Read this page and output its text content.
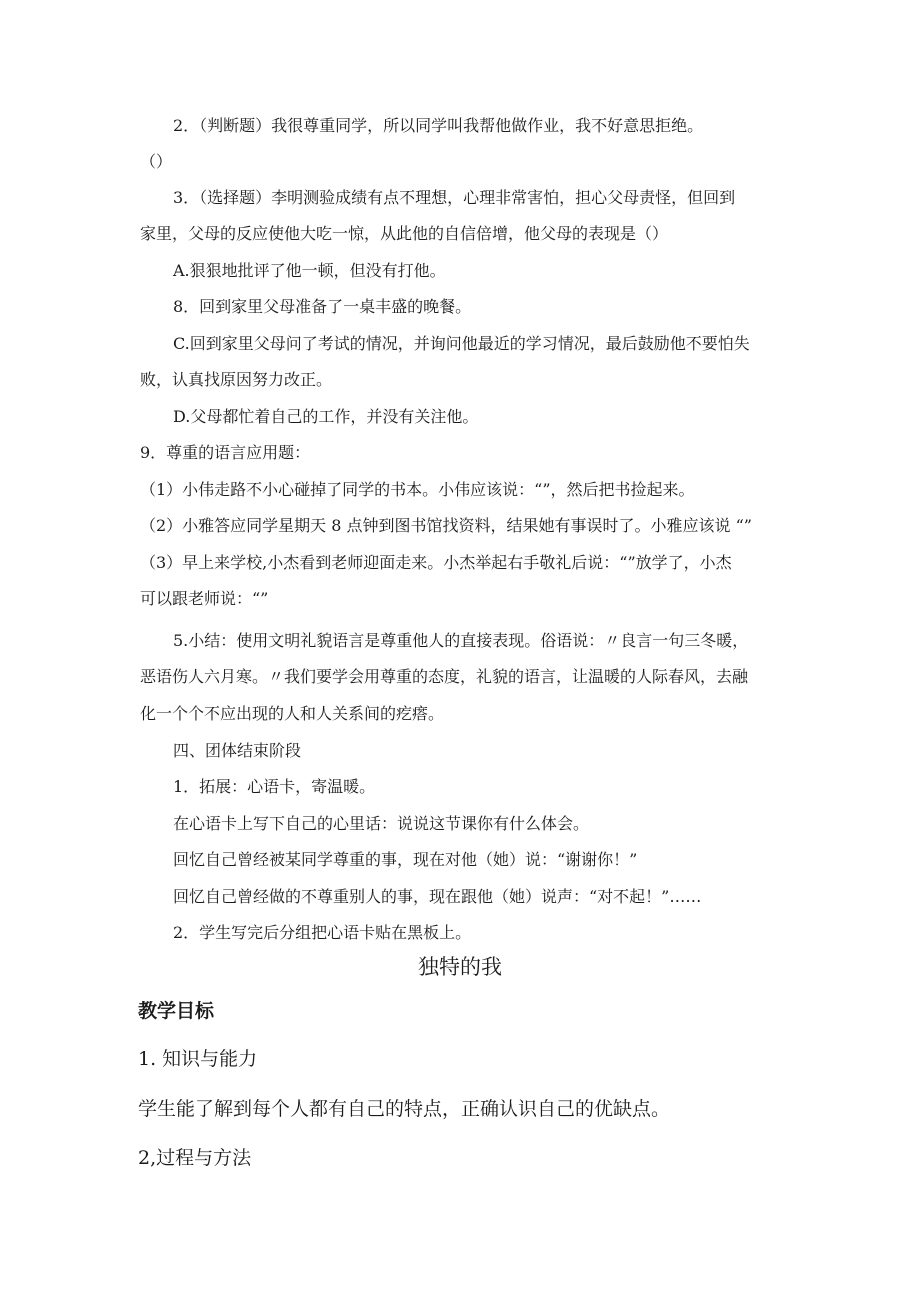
2．（判断题）我很尊重同学，所以同学叫我帮他做作业，我不好意思拒绝。
（）
3．（选择题）李明测验成绩有点不理想，心理非常害怕，担心父母责怪，但回到
家里，父母的反应使他大吃一惊，从此他的自信倍增，他父母的表现是（）
A.狠狠地批评了他一顿，但没有打他。
8．回到家里父母准备了一桌丰盛的晚餐。
C.回到家里父母问了考试的情况，并询问他最近的学习情况，最后鼓励他不要怕失
败，认真找原因努力改正。
D.父母都忙着自己的工作，并没有关注他。
9．尊重的语言应用题：
（1）小伟走路不小心碰掉了同学的书本。小伟应该说：“”，然后把书捡起来。
（2）小雅答应同学星期天 8 点钟到图书馆找资料，结果她有事误时了。小雅应该说 “”
（3）早上来学校,小杰看到老师迎面走来。小杰举起右手敬礼后说：“”放学了，小杰
可以跟老师说：“”
5.小结：使用文明礼貌语言是尊重他人的直接表现。俗语说：〃良言一句三冬暖，
恶语伤人六月寒。〃我们要学会用尊重的态度，礼貌的语言，让温暖的人际春风，去融
化一个个不应出现的人和人关系间的疙瘩。
四、团体结束阶段
1．拓展：心语卡，寄温暖。
在心语卡上写下自己的心里话：说说这节课你有什么体会。
回忆自己曾经被某同学尊重的事，现在对他（她）说：“谢谢你！”
回忆自己曾经做的不尊重别人的事，现在跟他（她）说声：“对不起！”……
2．学生写完后分组把心语卡贴在黑板上。
独特的我
教学目标
1. 知识与能力
学生能了解到每个人都有自己的特点，正确认识自己的优缺点。
2,过程与方法
